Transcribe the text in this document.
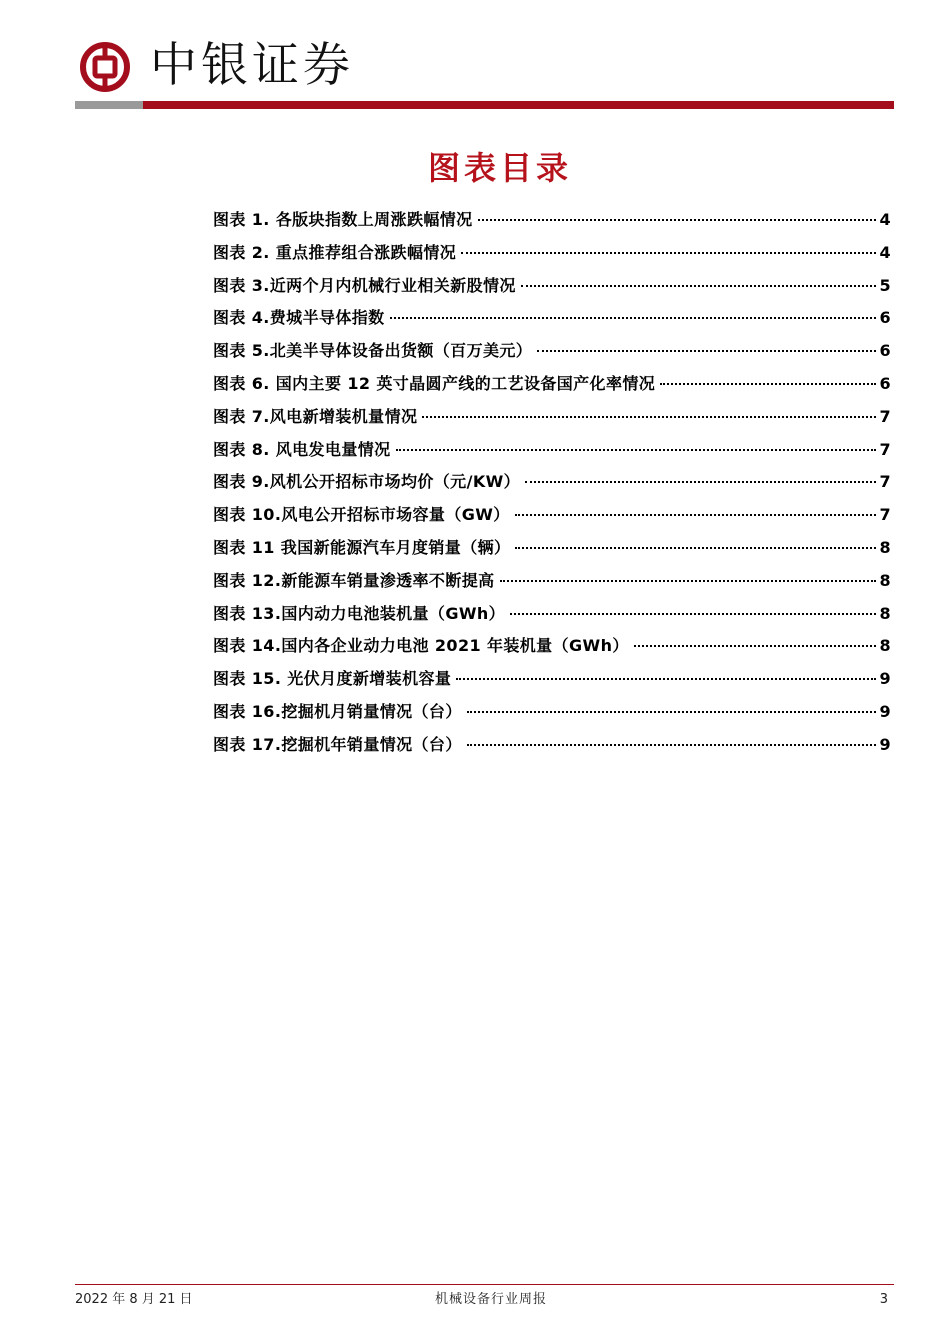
中银证券
图表目录
图表 1. 各版块指数上周涨跌幅情况	4
图表 2. 重点推荐组合涨跌幅情况	4
图表 3.近两个月内机械行业相关新股情况	5
图表 4.费城半导体指数	6
图表 5.北美半导体设备出货额（百万美元）	6
图表 6. 国内主要 12 英寸晶圆产线的工艺设备国产化率情况	6
图表 7.风电新增装机量情况	7
图表 8. 风电发电量情况	7
图表 9.风机公开招标市场均价（元/KW）	7
图表 10.风电公开招标市场容量（GW）	7
图表 11 我国新能源汽车月度销量（辆）	8
图表 12.新能源车销量渗透率不断提高	8
图表 13.国内动力电池装机量（GWh）	8
图表 14.国内各企业动力电池 2021 年装机量（GWh）	8
图表 15. 光伏月度新增装机容量	9
图表 16.挖掘机月销量情况（台）	9
图表 17.挖掘机年销量情况（台）	9
2022 年 8 月 21 日	机械设备行业周报	3
